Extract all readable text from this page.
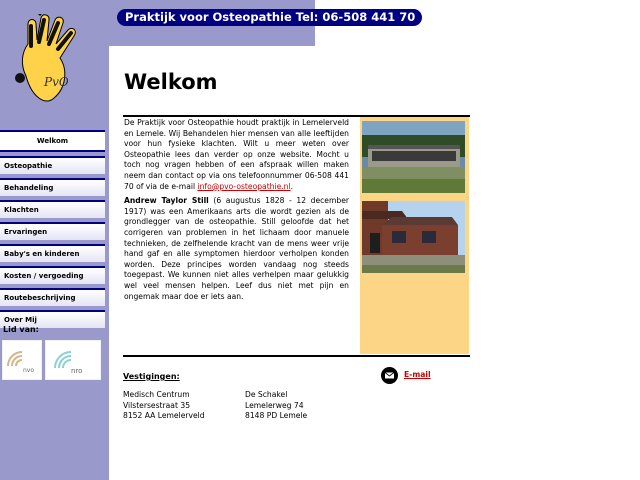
Praktijk voor Osteopathie Tel: 06-508 441 70
PvO
Welkom
Osteopathie
Behandeling
Klachten
Ervaringen
Baby's en kinderen
Kosten / vergoeding
Routebeschrijving
Over Mij
Lid van:
nvo	nro
Welkom

De Praktijk voor Osteopathie houdt praktijk in Lemelerveld en Lemele. Wij Behandelen hier mensen van alle leeftijden voor hun fysieke klachten. Wilt u meer weten over Osteopathie lees dan verder op onze website. Mocht u toch nog vragen hebben of een afspraak willen maken neem dan contact op via ons telefoonnummer 06-508 441 70 of via de e-mail info@pvo-osteopathie.nl.

Andrew Taylor Still (6 augustus 1828 - 12 december 1917) was een Amerikaans arts die wordt gezien als de grondlegger van de osteopathie. Still geloofde dat het corrigeren van problemen in het lichaam door manuele technieken, de zelfhelende kracht van de mens weer vrije hand gaf en alle symptomen hierdoor verholpen konden worden. Deze principes worden vandaag nog steeds toegepast. We kunnen niet alles verhelpen maar gelukkig wel veel mensen helpen. Leef dus niet met pijn en ongemak maar doe er iets aan.

Vestigingen:
Medisch Centrum
Vilstersestraat 35
8152 AA Lemelerveld
De Schakel
Lemelerweg 74
8148 PD Lemele
E-mail
